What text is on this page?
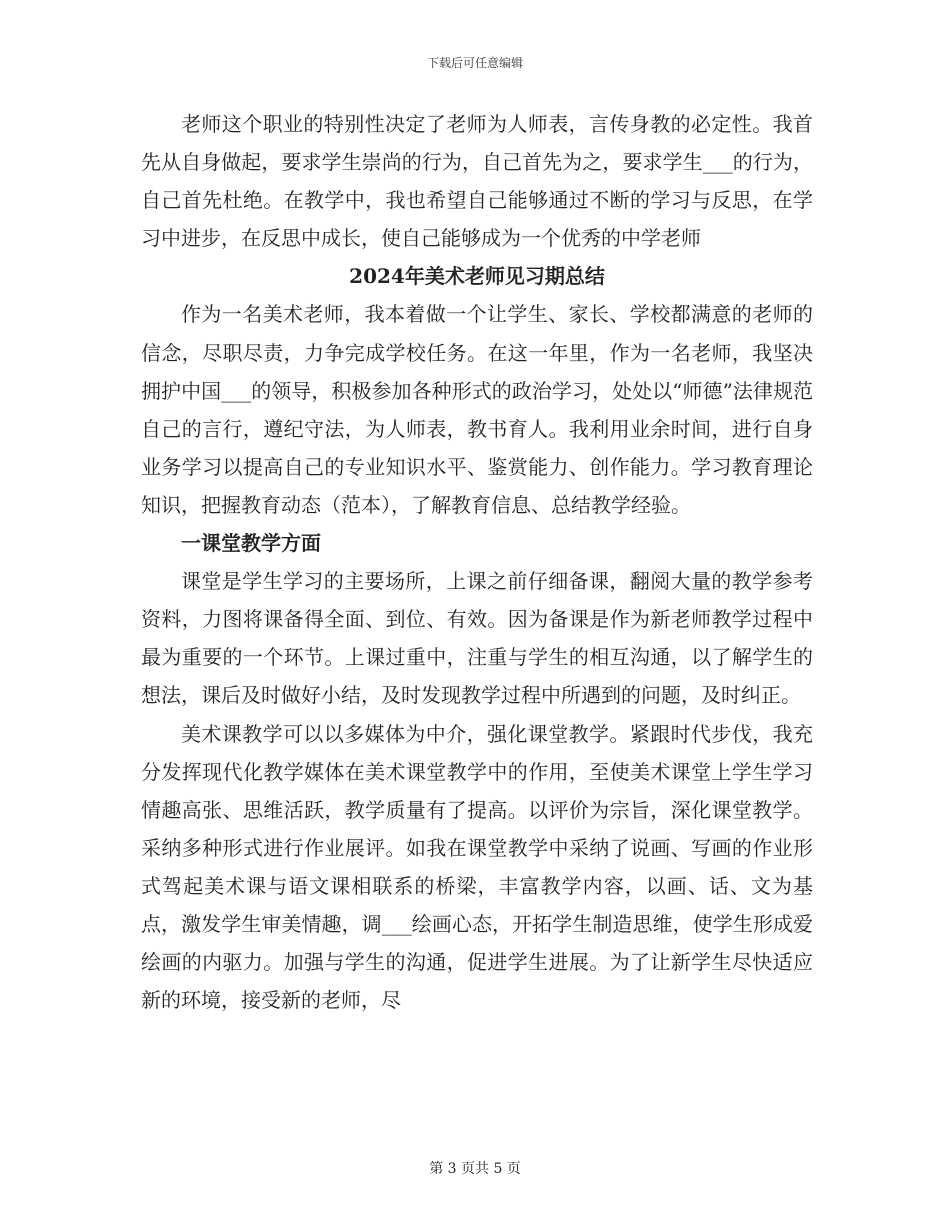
下载后可任意编辑

老师这个职业的特别性决定了老师为人师表，言传身教的必定性。我首先从自身做起，要求学生崇尚的行为，自己首先为之，要求学生___的行为，自己首先杜绝。在教学中，我也希望自己能够通过不断的学习与反思，在学习中进步，在反思中成长，使自己能够成为一个优秀的中学老师

2024年美术老师见习期总结

作为一名美术老师，我本着做一个让学生、家长、学校都满意的老师的信念，尽职尽责，力争完成学校任务。在这一年里，作为一名老师，我坚决拥护中国___的领导，积极参加各种形式的政治学习，处处以“师德”法律规范自己的言行，遵纪守法，为人师表，教书育人。我利用业余时间，进行自身业务学习以提高自己的专业知识水平、鉴赏能力、创作能力。学习教育理论知识，把握教育动态（范本），了解教育信息、总结教学经验。

一课堂教学方面

课堂是学生学习的主要场所，上课之前仔细备课，翻阅大量的教学参考资料，力图将课备得全面、到位、有效。因为备课是作为新老师教学过程中最为重要的一个环节。上课过重中，注重与学生的相互沟通，以了解学生的想法，课后及时做好小结，及时发现教学过程中所遇到的问题，及时纠正。

美术课教学可以以多媒体为中介，强化课堂教学。紧跟时代步伐，我充分发挥现代化教学媒体在美术课堂教学中的作用，至使美术课堂上学生学习情趣高张、思维活跃，教学质量有了提高。以评价为宗旨，深化课堂教学。采纳多种形式进行作业展评。如我在课堂教学中采纳了说画、写画的作业形式驾起美术课与语文课相联系的桥梁，丰富教学内容，以画、话、文为基点，激发学生审美情趣，调___绘画心态，开拓学生制造思维，使学生形成爱绘画的内驱力。加强与学生的沟通，促进学生进展。为了让新学生尽快适应新的环境，接受新的老师，尽

第 3 页共 5 页
